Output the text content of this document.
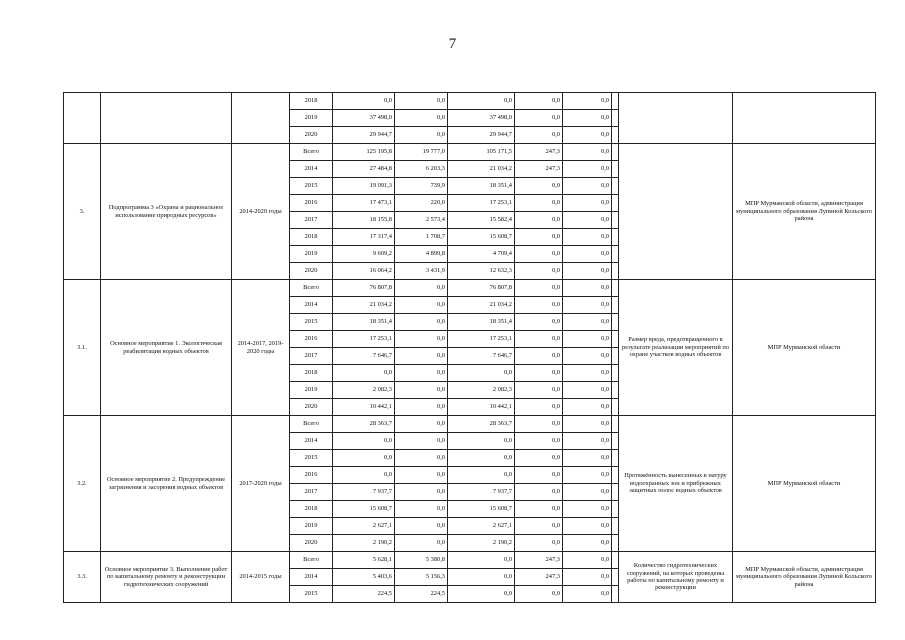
7
			2018	0,0	0,0	0,0	0,0	0,0			
			2019	37 498,0	0,0	37 498,0	0,0	0,0			
			2020	29 944,7	0,0	29 944,7	0,0	0,0			
3.	Подпрограмма 3 «Охрана и рациональное использование природных ресурсов»	2014-2020 годы	Всего	125 195,8	19 777,0	105 171,5	247,3	0,0			МПР Мурманской области, администрация муниципального образования Лупиной Кольского района
			2014	27 484,8	6 203,3	21 034,2	247,3	0,0			
			2015	19 091,3	739,9	18 351,4	0,0	0,0			
			2016	17 473,1	220,0	17 253,1	0,0	0,0			
			2017	18 155,8	2 573,4	15 582,4	0,0	0,0			
			2018	17 317,4	1 708,7	15 608,7	0,0	0,0			
			2019	9 609,2	4 899,8	4 709,4	0,0	0,0			
			2020	16 064,2	3 431,9	12 632,3	0,0	0,0			
3.1.	Основное мероприятие 1. Экологическая реабилитация водных объектов	2014-2017, 2019-2020 годы	Всего	76 807,8	0,0	76 807,8	0,0	0,0		Размер вреда, предотвращенного в результате реализации мероприятий по охране участков водных объектов	МПР Мурманской области
			2014	21 034,2	0,0	21 034,2	0,0	0,0			
			2015	18 351,4	0,0	18 351,4	0,0	0,0			
			2016	17 253,1	0,0	17 253,1	0,0	0,0			
			2017	7 646,7	0,0	7 646,7	0,0	0,0			
			2018	0,0	0,0	0,0	0,0	0,0			
			2019	2 082,3	0,0	2 082,3	0,0	0,0			
			2020	10 442,1	0,0	10 442,1	0,0	0,0			
3.2.	Основное мероприятие 2. Предупреждение загрязнения и засорения водных объектов	2017-2020 годы	Всего	28 363,7	0,0	28 363,7	0,0	0,0		Протяжённость вынесенных в натуру водоохранных зон и прибрежных защитных полос водных объектов	МПР Мурманской области
			2014	0,0	0,0	0,0	0,0	0,0			
			2015	0,0	0,0	0,0	0,0	0,0			
			2016	0,0	0,0	0,0	0,0	0,0			
			2017	7 937,7	0,0	7 937,7	0,0	0,0			
			2018	15 608,7	0,0	15 608,7	0,0	0,0			
			2019	2 627,1	0,0	2 627,1	0,0	0,0			
			2020	2 190,2	0,0	2 190,2	0,0	0,0			
3.3.	Основное мероприятие 3. Выполнение работ по капитальному ремонту и реконструкции гидротехнических сооружений	2014-2015 годы	Всего	5 628,1	5 380,8	0,0	247,3	0,0		Количество гидротехнических сооружений, на которых проведены работы по капитальному ремонту и реконструкции	МПР Мурманской области, администрация муниципального образования Лупиной Кольского района
			2014	5 403,6	5 156,3	0,0	247,3	0,0			
			2015	224,5	224,5	0,0	0,0	0,0			
